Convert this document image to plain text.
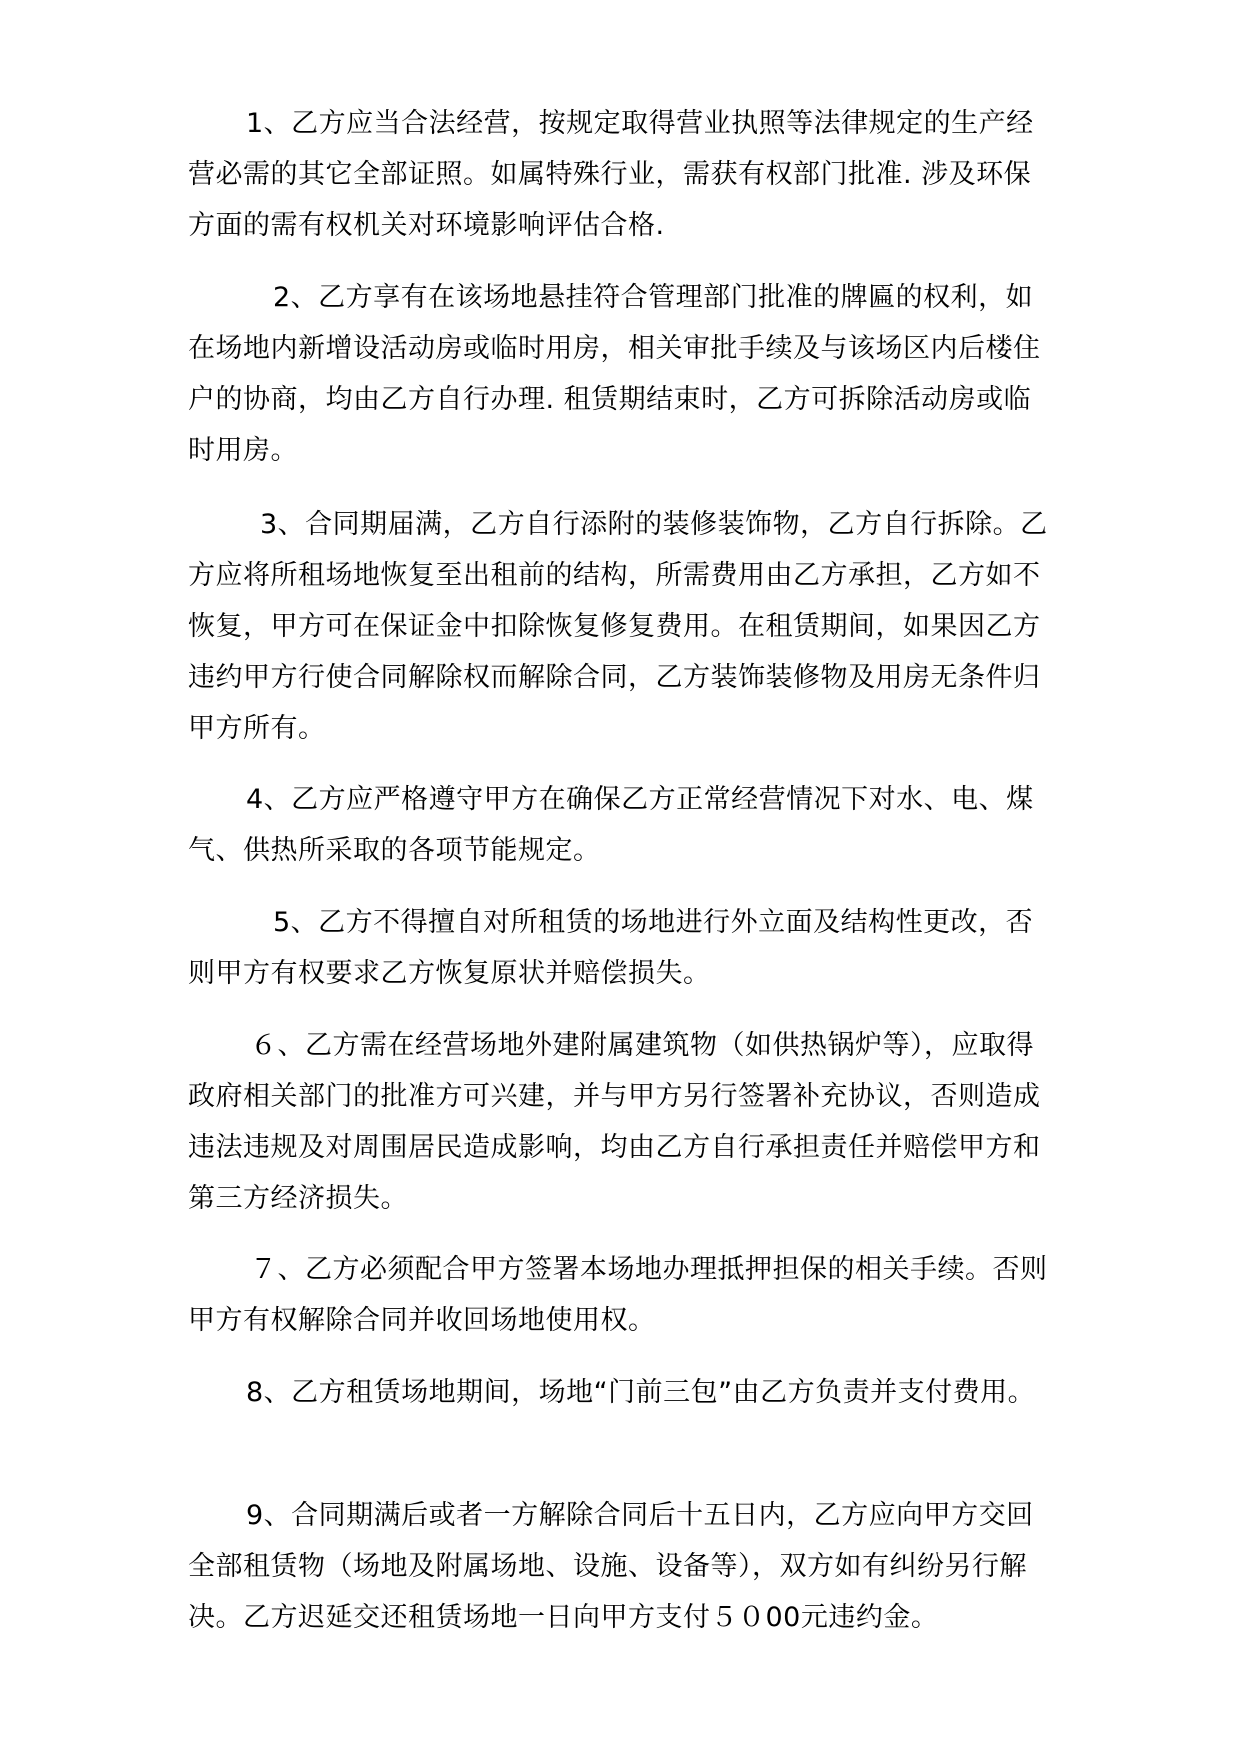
1、乙方应当合法经营，按规定取得营业执照等法律规定的生产经营必需的其它全部证照。如属特殊行业，需获有权部门批准. 涉及环保方面的需有权机关对环境影响评估合格.

2、乙方享有在该场地悬挂符合管理部门批准的牌匾的权利，如在场地内新增设活动房或临时用房，相关审批手续及与该场区内后楼住户的协商，均由乙方自行办理. 租赁期结束时，乙方可拆除活动房或临时用房。

3、合同期届满，乙方自行添附的装修装饰物，乙方自行拆除。乙方应将所租场地恢复至出租前的结构，所需费用由乙方承担，乙方如不恢复，甲方可在保证金中扣除恢复修复费用。在租赁期间，如果因乙方违约甲方行使合同解除权而解除合同，乙方装饰装修物及用房无条件归甲方所有。

4、乙方应严格遵守甲方在确保乙方正常经营情况下对水、电、煤气、供热所采取的各项节能规定。

5、乙方不得擅自对所租赁的场地进行外立面及结构性更改，否则甲方有权要求乙方恢复原状并赔偿损失。

６、乙方需在经营场地外建附属建筑物（如供热锅炉等），应取得政府相关部门的批准方可兴建，并与甲方另行签署补充协议，否则造成违法违规及对周围居民造成影响，均由乙方自行承担责任并赔偿甲方和第三方经济损失。

７、乙方必须配合甲方签署本场地办理抵押担保的相关手续。否则甲方有权解除合同并收回场地使用权。

8、乙方租赁场地期间，场地“门前三包”由乙方负责并支付费用。

9、合同期满后或者一方解除合同后十五日内，乙方应向甲方交回全部租赁物（场地及附属场地、设施、设备等），双方如有纠纷另行解决。乙方迟延交还租赁场地一日向甲方支付５０00元违约金。
